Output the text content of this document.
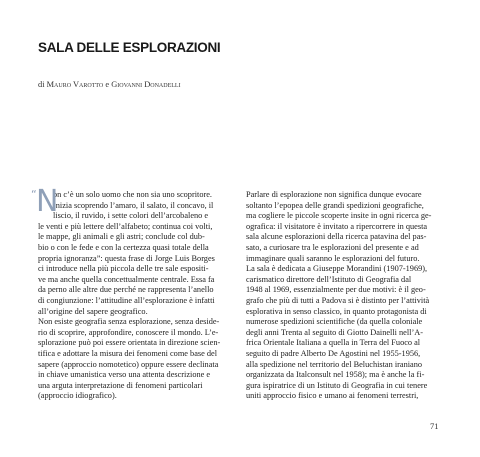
SALA DELLE ESPLORAZIONI
di Mauro Varotto e Giovanni Donadelli
“ N
on c’è un solo uomo che non sia uno scopritore.
Inizia scoprendo l’amaro, il salato, il concavo, il
liscio, il ruvido, i sette colori dell’arcobaleno e
le venti e più lettere dell’alfabeto; continua coi volti,
le mappe, gli animali e gli astri; conclude col dub-
bio o con le fede e con la certezza quasi totale della
propria ignoranza”: questa frase di Jorge Luis Borges
ci introduce nella più piccola delle tre sale espositi-
ve ma anche quella concettualmente centrale. Essa fa
da perno alle altre due perché ne rappresenta l’anello
di congiunzione: l’attitudine all’esplorazione è infatti
all’origine del sapere geografico.
Non esiste geografia senza esplorazione, senza deside-
rio di scoprire, approfondire, conoscere il mondo. L’e-
splorazione può poi essere orientata in direzione scien-
tifica e adottare la misura dei fenomeni come base del
sapere (approccio nomotetico) oppure essere declinata
in chiave umanistica verso una attenta descrizione e
una arguta interpretazione di fenomeni particolari
(approccio idiografico).
Parlare di esplorazione non significa dunque evocare
soltanto l’epopea delle grandi spedizioni geografiche,
ma cogliere le piccole scoperte insite in ogni ricerca ge-
ografica: il visitatore è invitato a ripercorrere in questa
sala alcune esplorazioni della ricerca patavina del pas-
sato, a curiosare tra le esplorazioni del presente e ad
immaginare quali saranno le esplorazioni del futuro.
La sala è dedicata a Giuseppe Morandini (1907-1969),
carismatico direttore dell’Istituto di Geografia dal
1948 al 1969, essenzialmente per due motivi: è il geo-
grafo che più di tutti a Padova si è distinto per l’attività
esplorativa in senso classico, in quanto protagonista di
numerose spedizioni scientifiche (da quella coloniale
degli anni Trenta al seguito di Giotto Dainelli nell’A-
frica Orientale Italiana a quella in Terra del Fuoco al
seguito di padre Alberto De Agostini nel 1955-1956,
alla spedizione nel territorio del Beluchistan iraniano
organizzata da Italconsult nel 1958); ma è anche la fi-
gura ispiratrice di un Istituto di Geografia in cui tenere
uniti approccio fisico e umano ai fenomeni terrestri,
71
